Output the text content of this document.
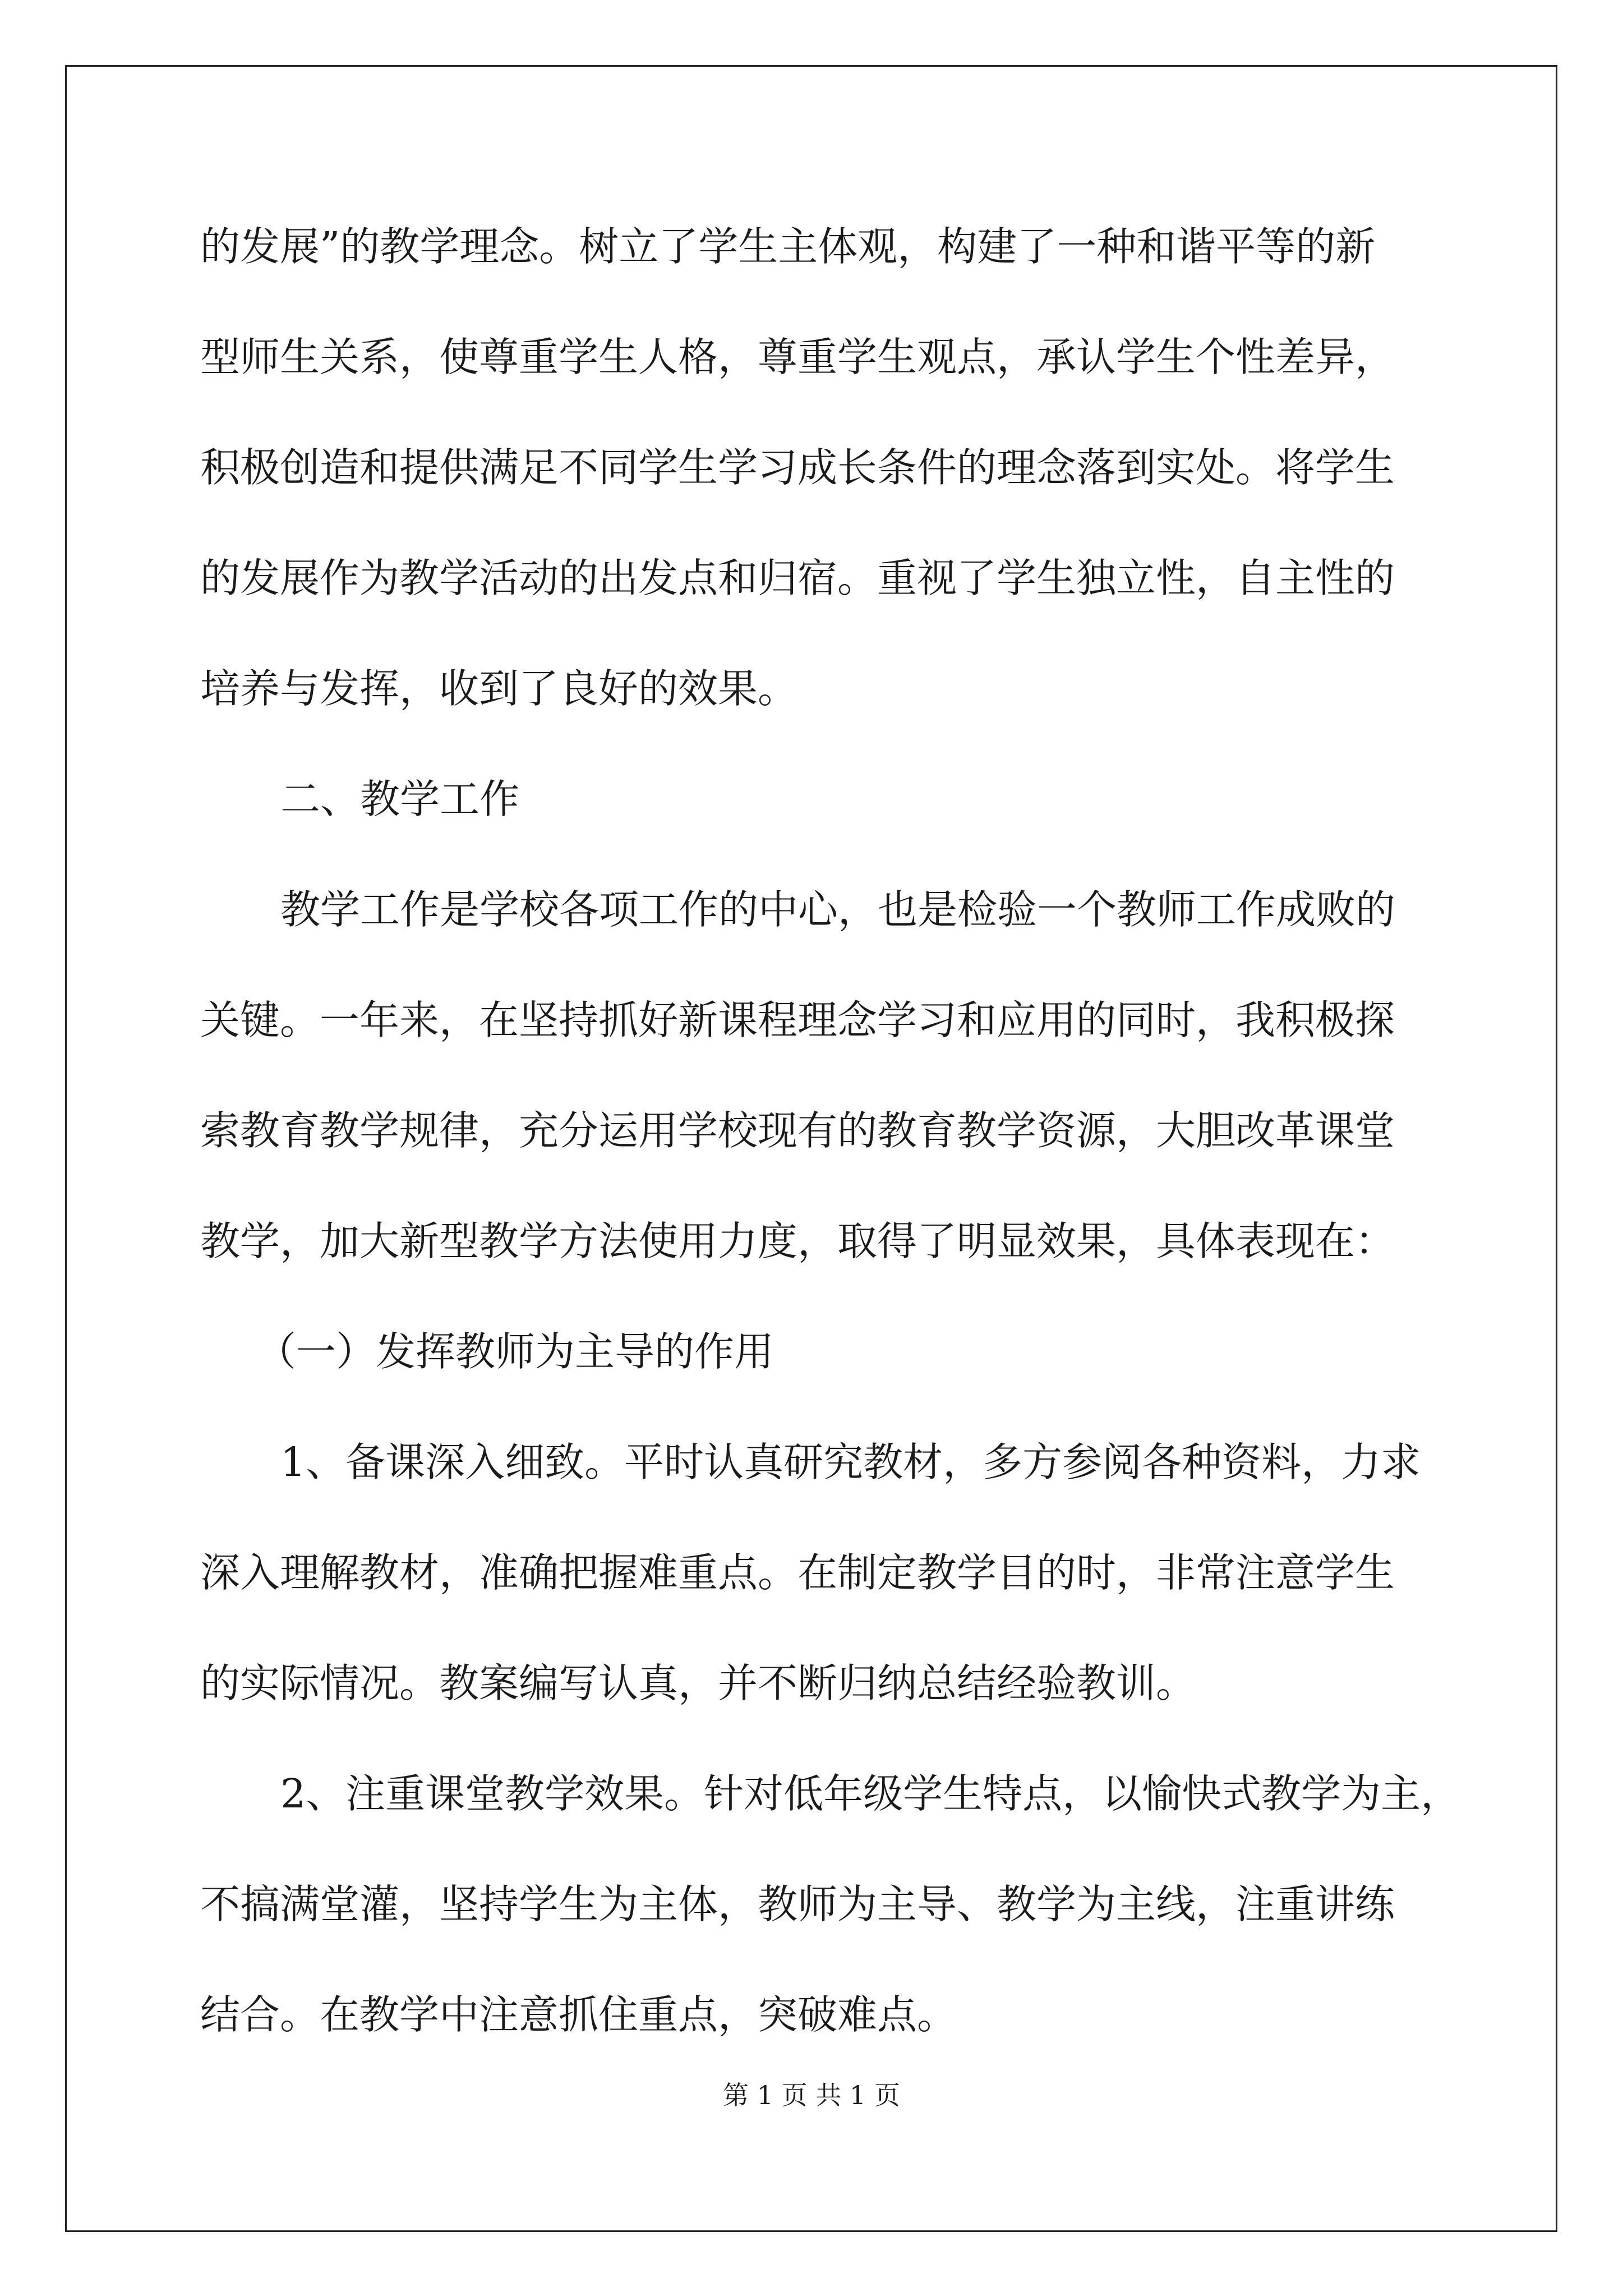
的发展”的教学理念。树立了学生主体观，构建了一种和谐平等的新
型师生关系，使尊重学生人格，尊重学生观点，承认学生个性差异，
积极创造和提供满足不同学生学习成长条件的理念落到实处。将学生
的发展作为教学活动的出发点和归宿。重视了学生独立性，自主性的
培养与发挥，收到了良好的效果。
二、教学工作
教学工作是学校各项工作的中心，也是检验一个教师工作成败的
关键。一年来，在坚持抓好新课程理念学习和应用的同时，我积极探
索教育教学规律，充分运用学校现有的教育教学资源，大胆改革课堂
教学，加大新型教学方法使用力度，取得了明显效果，具体表现在：
（一）发挥教师为主导的作用
1、备课深入细致。平时认真研究教材，多方参阅各种资料，力求
深入理解教材，准确把握难重点。在制定教学目的时，非常注意学生
的实际情况。教案编写认真，并不断归纳总结经验教训。
2、注重课堂教学效果。针对低年级学生特点，以愉快式教学为主，
不搞满堂灌，坚持学生为主体，教师为主导、教学为主线，注重讲练
结合。在教学中注意抓住重点，突破难点。
第 1 页 共 1 页
